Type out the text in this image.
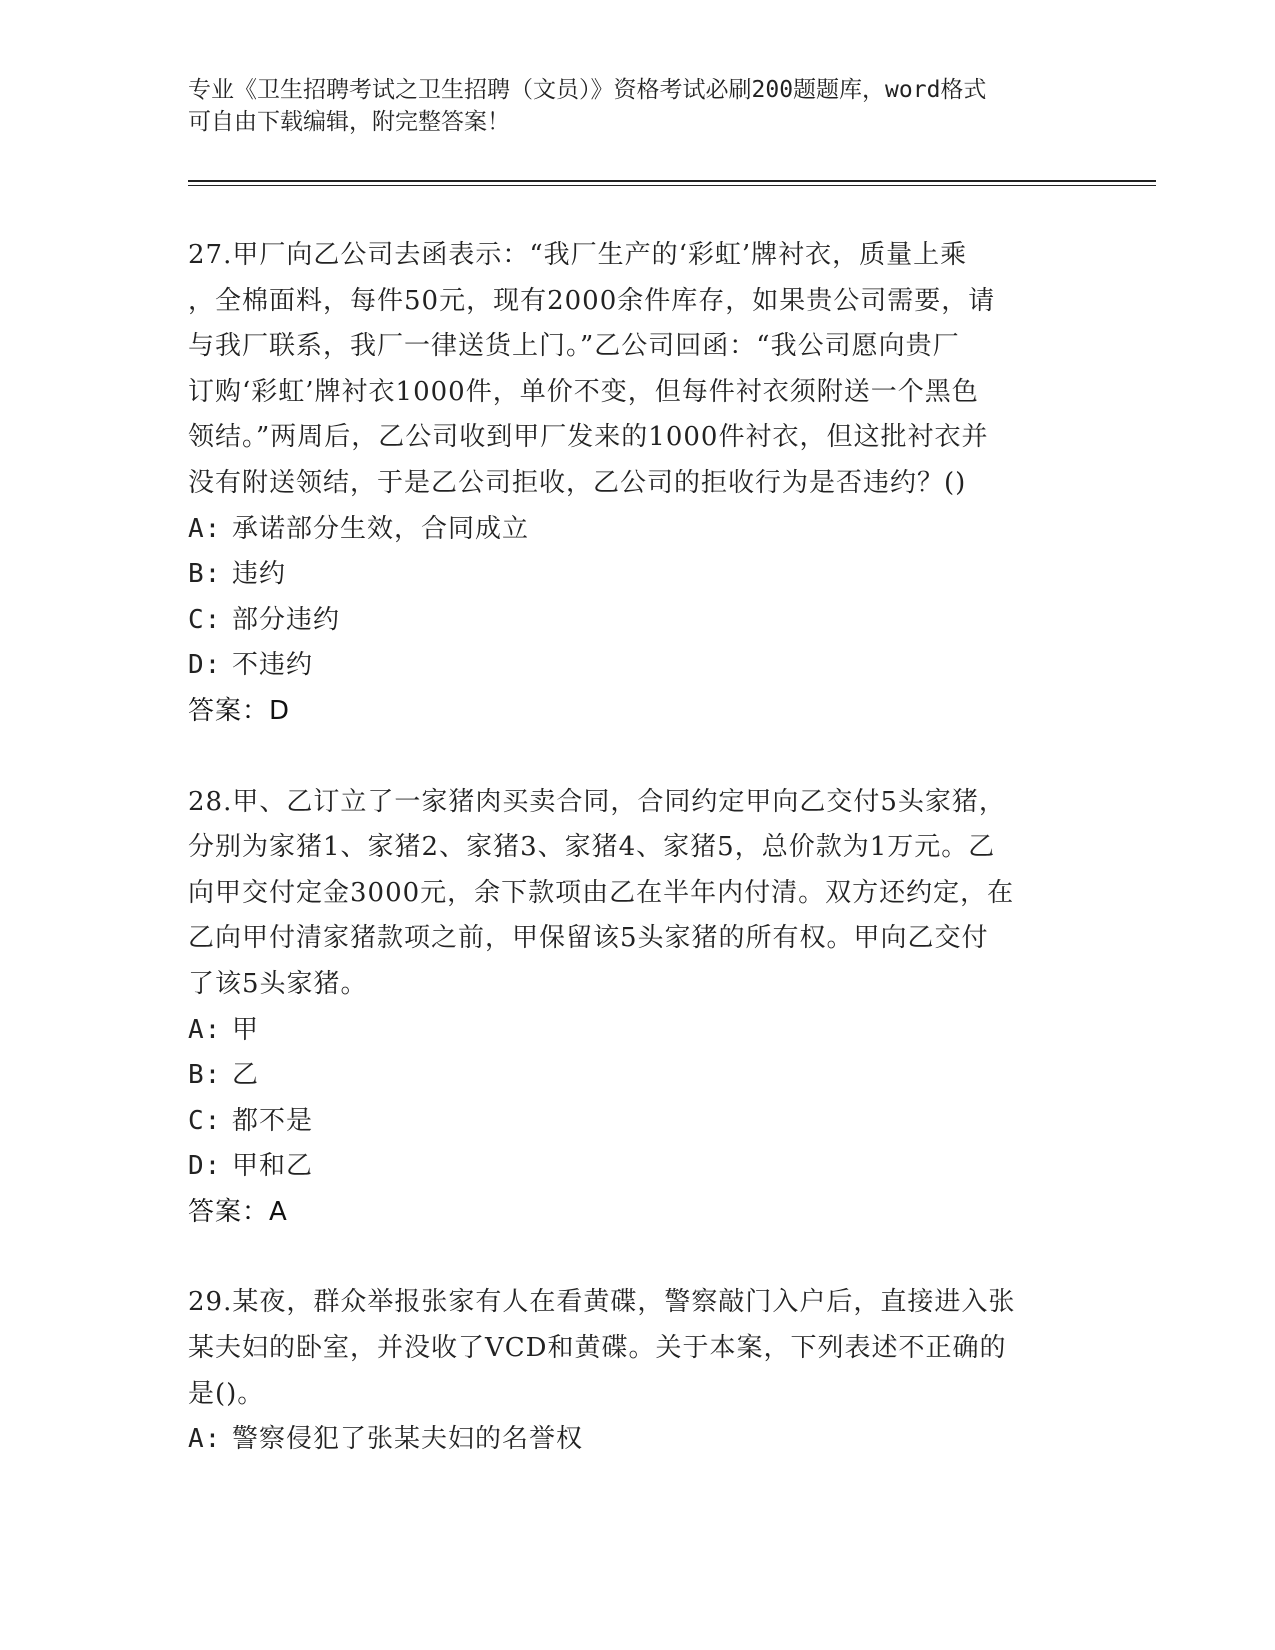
专业《卫生招聘考试之卫生招聘（文员）》资格考试必刷200题题库，word格式
可自由下载编辑，附完整答案！
27.甲厂向乙公司去函表示：“我厂生产的‘彩虹’牌衬衣，质量上乘
，全棉面料，每件50元，现有2000余件库存，如果贵公司需要，请
与我厂联系，我厂一律送货上门。”乙公司回函：“我公司愿向贵厂
订购‘彩虹’牌衬衣1000件，单价不变，但每件衬衣须附送一个黑色
领结。”两周后，乙公司收到甲厂发来的1000件衬衣，但这批衬衣并
没有附送领结，于是乙公司拒收，乙公司的拒收行为是否违约？()
A: 承诺部分生效，合同成立
B: 违约
C: 部分违约
D: 不违约
答案：D
28.甲、乙订立了一家猪肉买卖合同，合同约定甲向乙交付5头家猪，
分别为家猪1、家猪2、家猪3、家猪4、家猪5，总价款为1万元。乙
向甲交付定金3000元，余下款项由乙在半年内付清。双方还约定，在
乙向甲付清家猪款项之前，甲保留该5头家猪的所有权。甲向乙交付
了该5头家猪。
A: 甲
B: 乙
C: 都不是
D: 甲和乙
答案：A
29.某夜，群众举报张家有人在看黄碟，警察敲门入户后，直接进入张
某夫妇的卧室，并没收了VCD和黄碟。关于本案，下列表述不正确的
是()。
A: 警察侵犯了张某夫妇的名誉权
